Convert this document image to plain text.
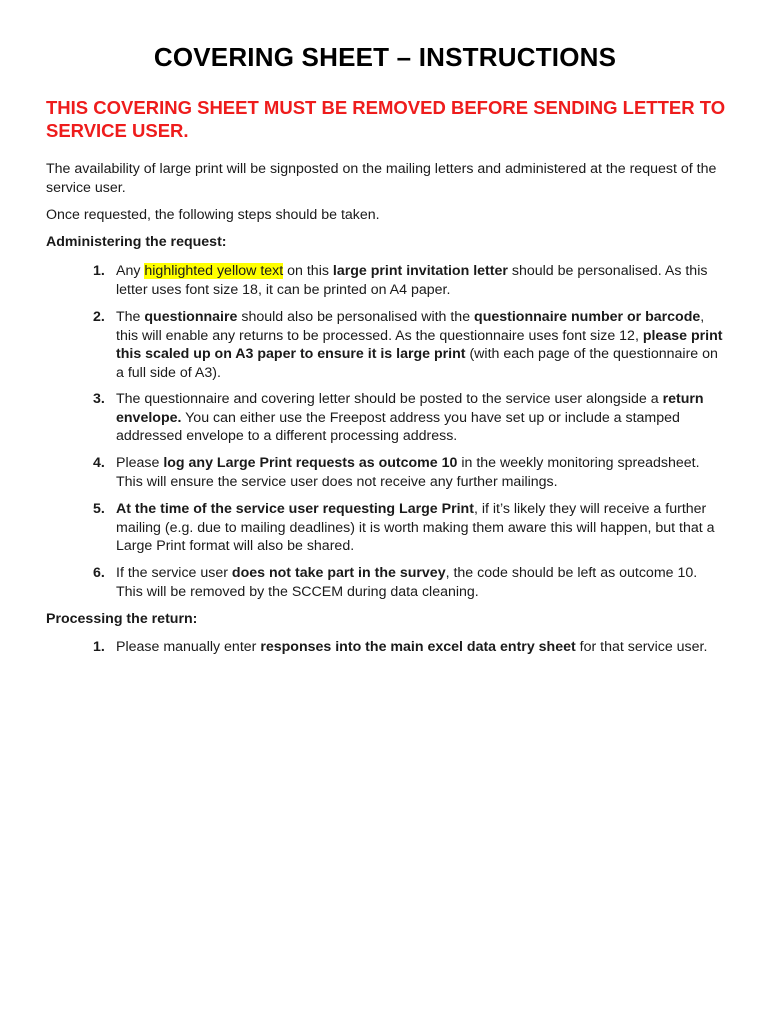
COVERING SHEET – INSTRUCTIONS
THIS COVERING SHEET MUST BE REMOVED BEFORE SENDING LETTER TO SERVICE USER.
The availability of large print will be signposted on the mailing letters and administered at the request of the service user.
Once requested, the following steps should be taken.
Administering the request:
1. Any highlighted yellow text on this large print invitation letter should be personalised. As this letter uses font size 18, it can be printed on A4 paper.
2. The questionnaire should also be personalised with the questionnaire number or barcode, this will enable any returns to be processed. As the questionnaire uses font size 12, please print this scaled up on A3 paper to ensure it is large print (with each page of the questionnaire on a full side of A3).
3. The questionnaire and covering letter should be posted to the service user alongside a return envelope. You can either use the Freepost address you have set up or include a stamped addressed envelope to a different processing address.
4. Please log any Large Print requests as outcome 10 in the weekly monitoring spreadsheet. This will ensure the service user does not receive any further mailings.
5. At the time of the service user requesting Large Print, if it’s likely they will receive a further mailing (e.g. due to mailing deadlines) it is worth making them aware this will happen, but that a Large Print format will also be shared.
6. If the service user does not take part in the survey, the code should be left as outcome 10. This will be removed by the SCCEM during data cleaning.
Processing the return:
1. Please manually enter responses into the main excel data entry sheet for that service user.
